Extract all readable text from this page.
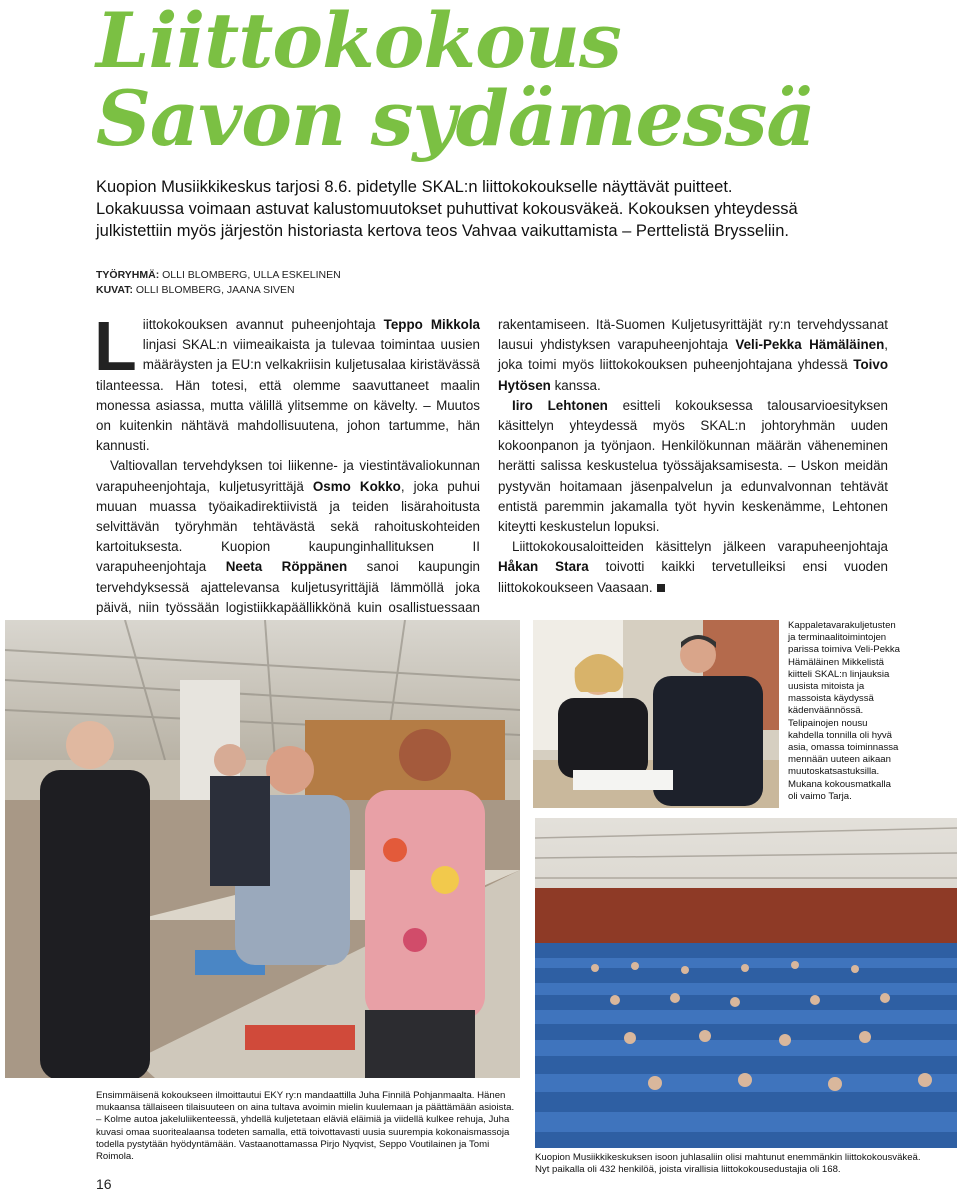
Liittokokous
Savon sydämessä
Kuopion Musiikkikeskus tarjosi 8.6. pidetylle SKAL:n liittokokoukselle näyttävät puitteet.
Lokakuussa voimaan astuvat kalustomuutokset puhuttivat kokousväkeä. Kokouksen yhteydessä
julkistettiin myös järjestön historiasta kertova teos Vahvaa vaikuttamista – Perttelistä Brysseliin.
TYÖRYHMÄ: OLLI BLOMBERG, ULLA ESKELINEN
KUVAT: OLLI BLOMBERG, JAANA SIVEN

Liittokokouksen avannut puheenjohtaja Teppo Mikkola linjasi SKAL:n viimeaikaista ja tulevaa toimintaa uusien määräysten ja EU:n velkakriisin kuljetusalaa kiristävässä tilanteessa. Hän totesi, että olemme saavuttaneet maalin monessa asiassa, mutta välillä ylitsemme on kävelty. – Muutos on kuitenkin nähtävä mahdollisuutena, johon tartumme, hän kannusti.

Valtiovallan tervehdyksen toi liikenne- ja viestintävaliokunnan varapuheenjohtaja, kuljetusyrittäjä Osmo Kokko, joka puhui muuan muassa työaikadirektiivistä ja teiden lisärahoitusta selvittävän työryhmän tehtävästä sekä rahoituskohteiden kartoituksesta. Kuopion kaupunginhallituksen II varapuheenjohtaja Neeta Röppänen sanoi kaupungin tervehdyksessä ajattelevansa kuljetusyrittäjiä lämmöllä joka päivä, niin työssään logistiikkapäällikkönä kuin osallistuessaan

rakentamiseen. Itä-Suomen Kuljetusyrittäjät ry:n tervehdyssanat lausui yhdistyksen varapuheenjohtaja Veli-Pekka Hämäläinen, joka toimi myös liittokokouksen puheenjohtajana yhdessä Toivo Hytösen kanssa.

Iiro Lehtonen esitteli kokouksessa talousarvioesityksen käsittelyn yhteydessä myös SKAL:n johtoryhmän uuden kokoonpanon ja työnjaon. Henkilökunnan määrän väheneminen herätti salissa keskustelua työssäjaksamisesta. – Uskon meidän pystyvän hoitamaan jäsenpalvelun ja edunvalvonnan tehtävät entistä paremmin jakamalla työt hyvin keskenämme, Lehtonen kiteytti keskustelun lopuksi.

Liittokokousaloitteiden käsittelyn jälkeen varapuheenjohtaja Håkan Stara toivotti kaikki tervetulleiksi ensi vuoden liittokokoukseen Vaasaan.

Kappaletavarakuljetusten ja terminaalitoimintojen parissa toimiva Veli-Pekka Hämäläinen Mikkelistä kiitteli SKAL:n linjauksia uusista mitoista ja massoista käydyssä kädenväännössä. Telipainojen nousu kahdella tonnilla oli hyvä asia, omassa toiminnassa mennään uuteen aikaan muutoskatsastuksilla. Mukana kokousmatkalla oli vaimo Tarja.
Ensimmäisenä kokoukseen ilmoittautui EKY ry:n mandaattilla Juha Finnilä Pohjanmaalta. Hänen mukaansa tällaiseen tilaisuuteen on aina tultava avoimin mielin kuulemaan ja päättämään asioista. – Kolme autoa jakeluliikenteessä, yhdellä kuljetetaan eläviä eläimiä ja viidellä kulkee rehuja, Juha kuvasi omaa suoritealaansa todeten samalla, että toivottavasti uusia suurempia kokonaismassoja todella pystytään hyödyntämään. Vastaanottamassa Pirjo Nyqvist, Seppo Voutilainen ja Tomi Roimola.	Kuopion Musiikkikeskuksen isoon juhlasaliin olisi mahtunut enemmänkin liittokokousväkeä. Nyt paikalla oli 432 henkilöä, joista virallisia liittokokousedustajia oli 168.
16
